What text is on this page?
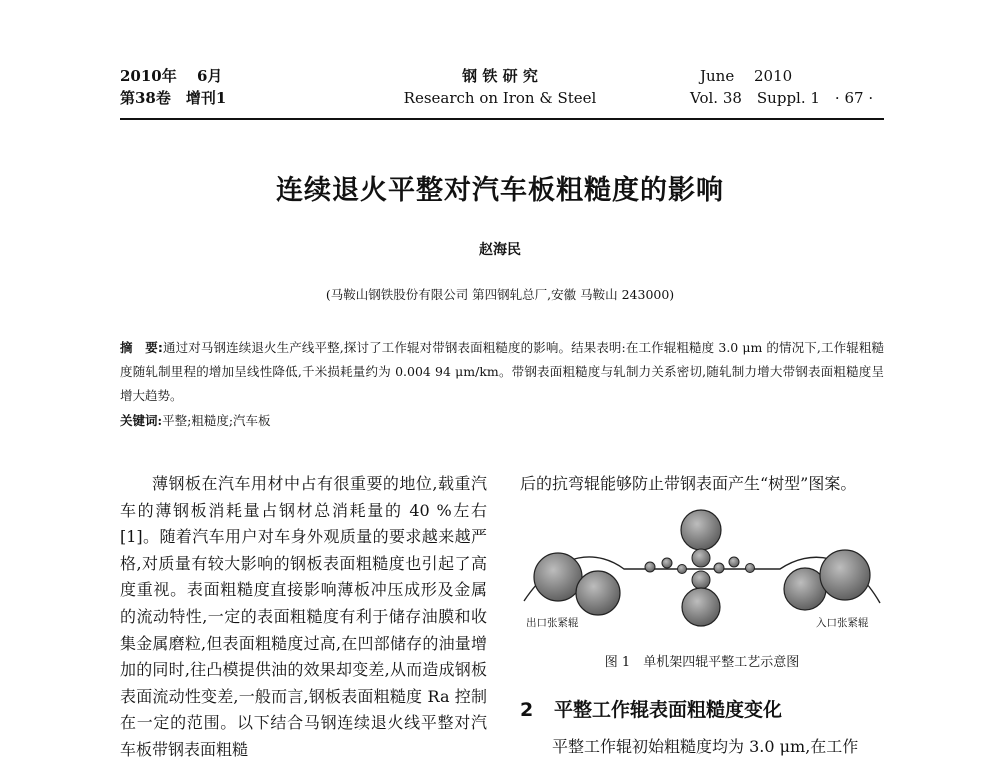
2010年　 6月
第38卷　增刊1
钢 铁 研 究
Research on Iron & Steel
June　 2010
Vol. 38　Suppl. 1　· 67 ·
连续退火平整对汽车板粗糙度的影响
赵海民
(马鞍山钢铁股份有限公司 第四钢轧总厂,安徽 马鞍山 243000)
摘　要:通过对马钢连续退火生产线平整,探讨了工作辊对带钢表面粗糙度的影响。结果表明:在工作辊粗糙度 3.0 μm 的情况下,工作辊粗糙度随轧制里程的增加呈线性降低,千米损耗量约为 0.004 94 μm/km。带钢表面粗糙度与轧制力关系密切,随轧制力增大带钢表面粗糙度呈增大趋势。
关键词:平整;粗糙度;汽车板

薄钢板在汽车用材中占有很重要的地位,载重汽车的薄钢板消耗量占钢材总消耗量的 40 %左右[1]。随着汽车用户对车身外观质量的要求越来越严格,对质量有较大影响的钢板表面粗糙度也引起了高度重视。表面粗糙度直接影响薄板冲压成形及金属的流动特性,一定的表面粗糙度有利于储存油膜和收集金属磨粒,但表面粗糙度过高,在凹部储存的油量增加的同时,往凸模提供油的效果却变差,从而造成钢板表面流动性变差,一般而言,钢板表面粗糙度 Ra 控制在一定的范围。以下结合马钢连续退火线平整对汽车板带钢表面粗糙

后的抗弯辊能够防止带钢表面产生“树型”图案。
出口张紧辊	入口张紧辊
图 1　单机架四辊平整工艺示意图
2 平整工作辊表面粗糙度变化
平整工作辊初始粗糙度均为 3.0 μm,在工作
